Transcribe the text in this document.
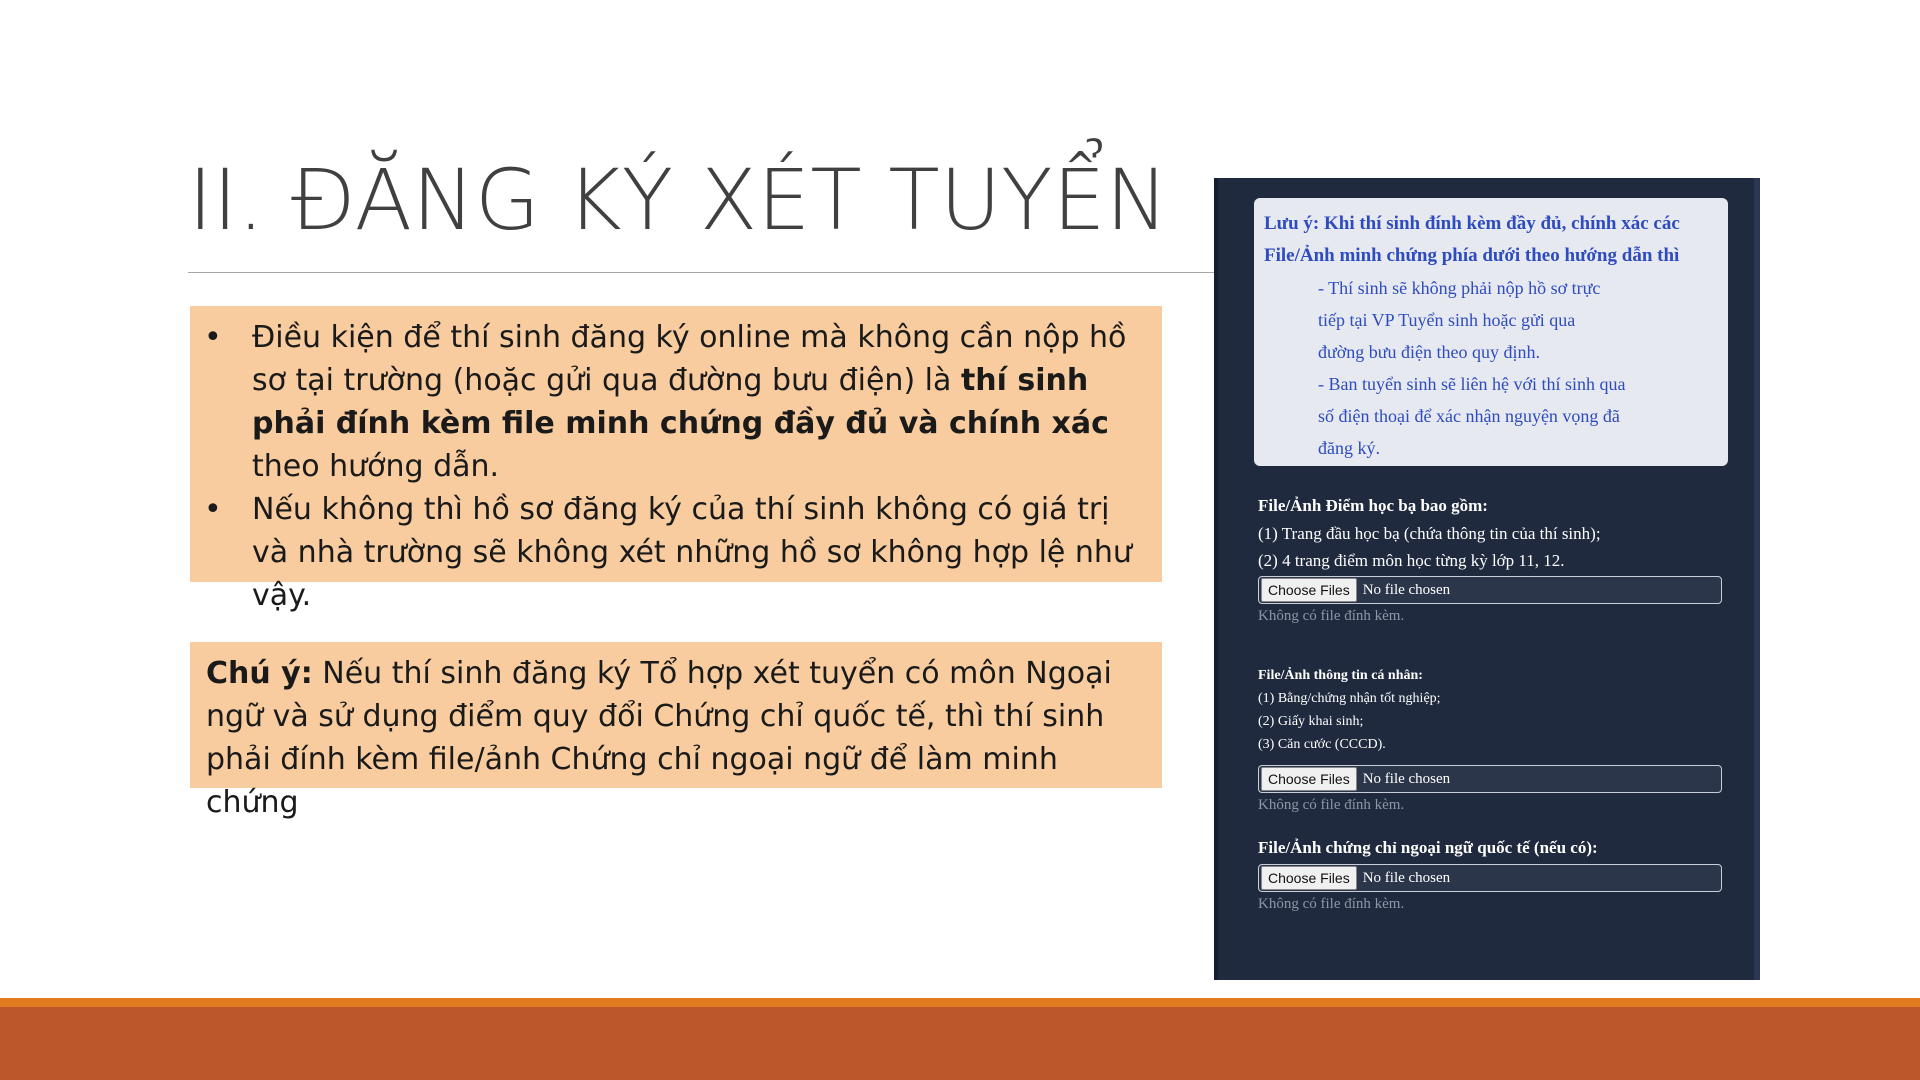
II. ĐĂNG KÝ XÉT TUYỂN
• Điều kiện để thí sinh đăng ký online mà không cần nộp hồ sơ tại trường (hoặc gửi qua đường bưu điện) là thí sinh phải đính kèm file minh chứng đầy đủ và chính xác theo hướng dẫn.
• Nếu không thì hồ sơ đăng ký của thí sinh không có giá trị và nhà trường sẽ không xét những hồ sơ không hợp lệ như vậy.
Chú ý: Nếu thí sinh đăng ký Tổ hợp xét tuyển có môn Ngoại ngữ và sử dụng điểm quy đổi Chứng chỉ quốc tế, thì thí sinh phải đính kèm file/ảnh Chứng chỉ ngoại ngữ để làm minh chứng
Lưu ý: Khi thí sinh đính kèm đầy đủ, chính xác các
File/Ảnh minh chứng phía dưới theo hướng dẫn thì
- Thí sinh sẽ không phải nộp hồ sơ trực
tiếp tại VP Tuyển sinh hoặc gửi qua
đường bưu điện theo quy định.
- Ban tuyển sinh sẽ liên hệ với thí sinh qua
số điện thoại để xác nhận nguyện vọng đã
đăng ký.
File/Ảnh Điểm học bạ bao gồm:
(1) Trang đầu học bạ (chứa thông tin của thí sinh);
(2) 4 trang điểm môn học từng kỳ lớp 11, 12.
Choose Files No file chosen
Không có file đính kèm.
File/Ảnh thông tin cá nhân:
(1) Bằng/chứng nhận tốt nghiệp;
(2) Giấy khai sinh;
(3) Căn cước (CCCD).
Choose Files No file chosen
Không có file đính kèm.
File/Ảnh chứng chỉ ngoại ngữ quốc tế (nếu có):
Choose Files No file chosen
Không có file đính kèm.
